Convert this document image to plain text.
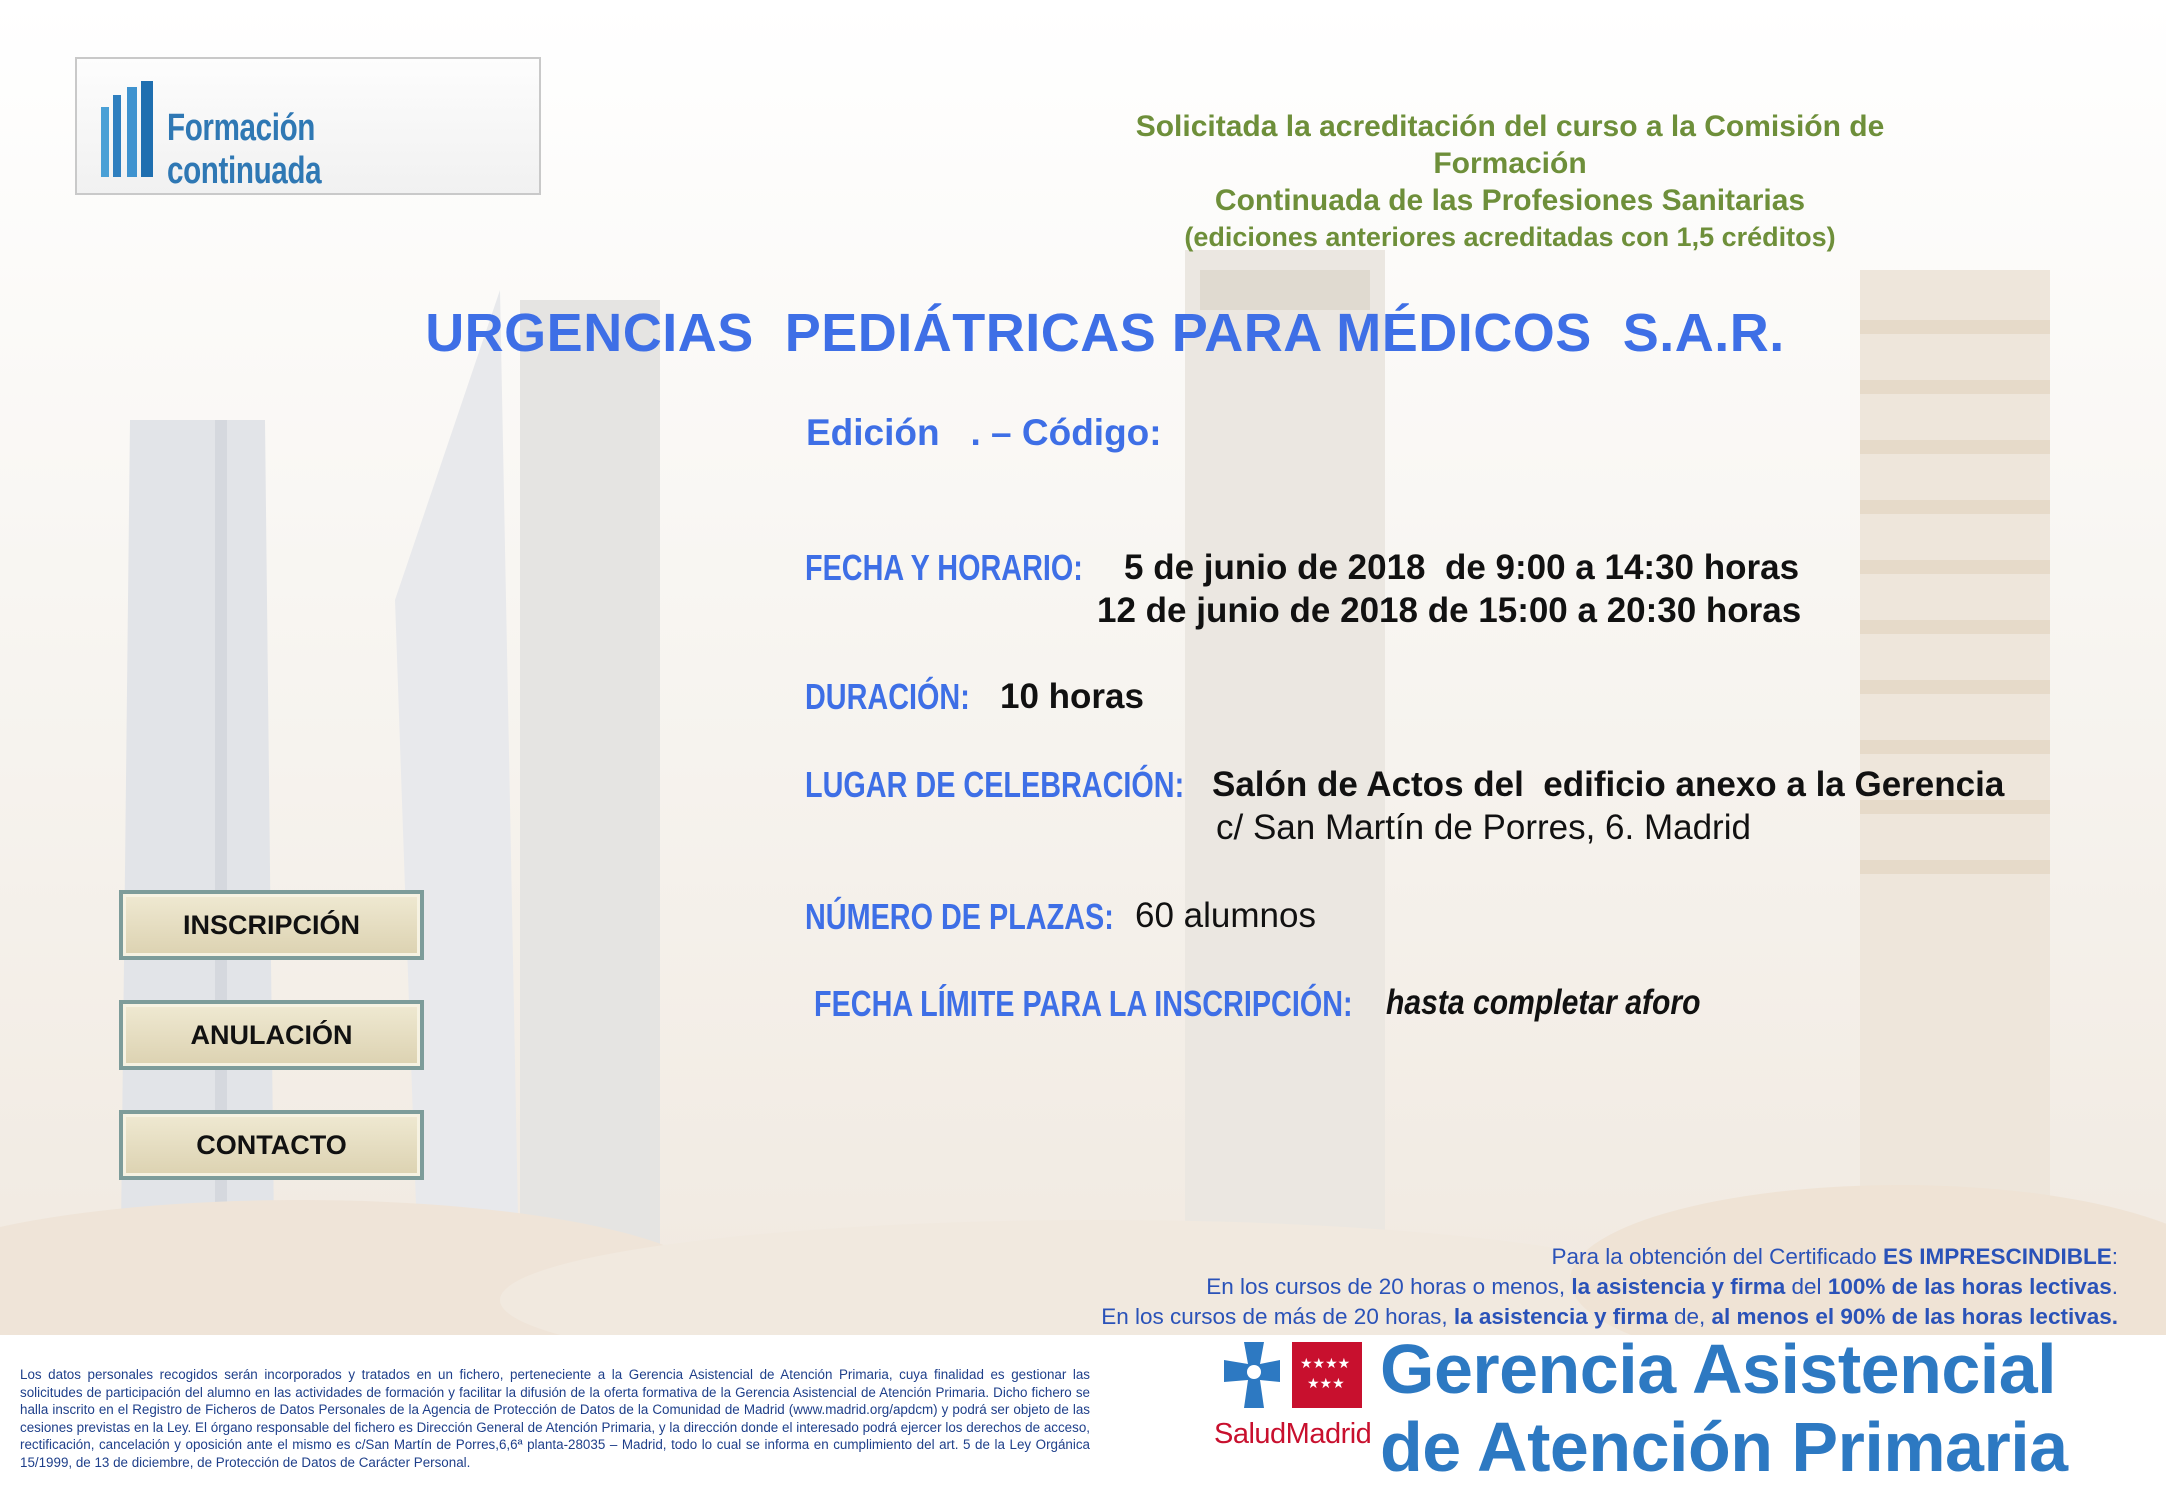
Formación continuada
Solicitada la acreditación del curso a la Comisión de Formación
Continuada de las Profesiones Sanitarias
(ediciones anteriores acreditadas con 1,5 créditos)
URGENCIAS  PEDIÁTRICAS PARA MÉDICOS  S.A.R.
Edición   . – Código:
FECHA Y HORARIO: 5 de junio de 2018  de 9:00 a 14:30 horas
12 de junio de 2018 de 15:00 a 20:30 horas
DURACIÓN: 10 horas
LUGAR DE CELEBRACIÓN: Salón de Actos del  edificio anexo a la Gerencia
c/ San Martín de Porres, 6. Madrid
NÚMERO DE PLAZAS: 60 alumnos
FECHA LÍMITE PARA LA INSCRIPCIÓN: hasta completar aforo
INSCRIPCIÓN
ANULACIÓN
CONTACTO
Para la obtención del Certificado ES IMPRESCINDIBLE:
En los cursos de 20 horas o menos, la asistencia y firma del 100% de las horas lectivas.
En los cursos de más de 20 horas, la asistencia y firma de, al menos el 90% de las horas lectivas.
Los datos personales recogidos serán incorporados y tratados en un fichero, perteneciente a la Gerencia Asistencial de Atención Primaria, cuya finalidad es gestionar las solicitudes de participación del alumno en las actividades de formación y facilitar la difusión de la oferta formativa de la Gerencia Asistencial de Atención Primaria. Dicho fichero se halla inscrito en el Registro de Ficheros de Datos Personales de la Agencia de Protección de Datos de la Comunidad de Madrid (www.madrid.org/apdcm) y podrá ser objeto de las cesiones previstas en la Ley. El órgano responsable del fichero es Dirección General de Atención Primaria, y la dirección donde el interesado podrá ejercer los derechos de acceso, rectificación, cancelación y oposición ante el mismo es c/San Martín de Porres,6,6ª planta-28035 – Madrid, todo lo cual se informa en cumplimiento del art. 5 de la Ley Orgánica 15/1999, de 13 de diciembre, de Protección de Datos de Carácter Personal.
★★★★
★★★
SaludMadrid
Gerencia Asistencial
de Atención Primaria
